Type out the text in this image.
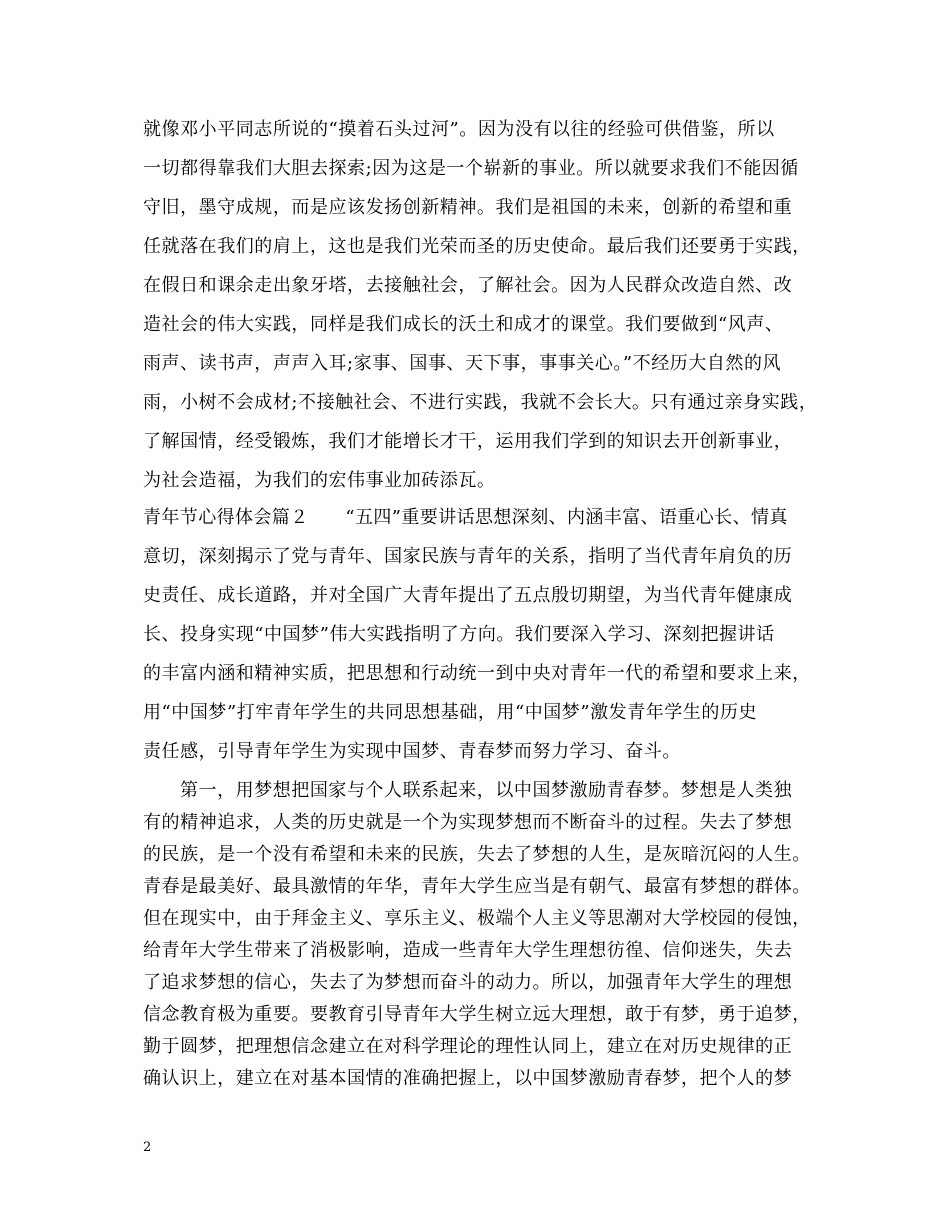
就像邓小平同志所说的“摸着石头过河”。因为没有以往的经验可供借鉴，所以
一切都得靠我们大胆去探索;因为这是一个崭新的事业。所以就要求我们不能因循
守旧，墨守成规，而是应该发扬创新精神。我们是祖国的未来，创新的希望和重
任就落在我们的肩上，这也是我们光荣而圣的历史使命。最后我们还要勇于实践，
在假日和课余走出象牙塔，去接触社会，了解社会。因为人民群众改造自然、改
造社会的伟大实践，同样是我们成长的沃土和成才的课堂。我们要做到“风声、
雨声、读书声，声声入耳;家事、国事、天下事，事事关心。”不经历大自然的风
雨，小树不会成材;不接触社会、不进行实践，我就不会长大。只有通过亲身实践，
了解国情，经受锻炼，我们才能增长才干，运用我们学到的知识去开创新事业，
为社会造福，为我们的宏伟事业加砖添瓦。
青年节心得体会篇２　　“五四”重要讲话思想深刻、内涵丰富、语重心长、情真
意切，深刻揭示了党与青年、国家民族与青年的关系，指明了当代青年肩负的历
史责任、成长道路，并对全国广大青年提出了五点殷切期望，为当代青年健康成
长、投身实现“中国梦”伟大实践指明了方向。我们要深入学习、深刻把握讲话
的丰富内涵和精神实质，把思想和行动统一到中央对青年一代的希望和要求上来，
用“中国梦”打牢青年学生的共同思想基础，用“中国梦”激发青年学生的历史
责任感，引导青年学生为实现中国梦、青春梦而努力学习、奋斗。
第一，用梦想把国家与个人联系起来，以中国梦激励青春梦。梦想是人类独
有的精神追求，人类的历史就是一个为实现梦想而不断奋斗的过程。失去了梦想
的民族，是一个没有希望和未来的民族，失去了梦想的人生，是灰暗沉闷的人生。
青春是最美好、最具激情的年华，青年大学生应当是有朝气、最富有梦想的群体。
但在现实中，由于拜金主义、享乐主义、极端个人主义等思潮对大学校园的侵蚀，
给青年大学生带来了消极影响，造成一些青年大学生理想彷徨、信仰迷失，失去
了追求梦想的信心，失去了为梦想而奋斗的动力。所以，加强青年大学生的理想
信念教育极为重要。要教育引导青年大学生树立远大理想，敢于有梦，勇于追梦，
勤于圆梦，把理想信念建立在对科学理论的理性认同上，建立在对历史规律的正
2
确认识上，建立在对基本国情的准确把握上，以中国梦激励青春梦，把个人的梦
